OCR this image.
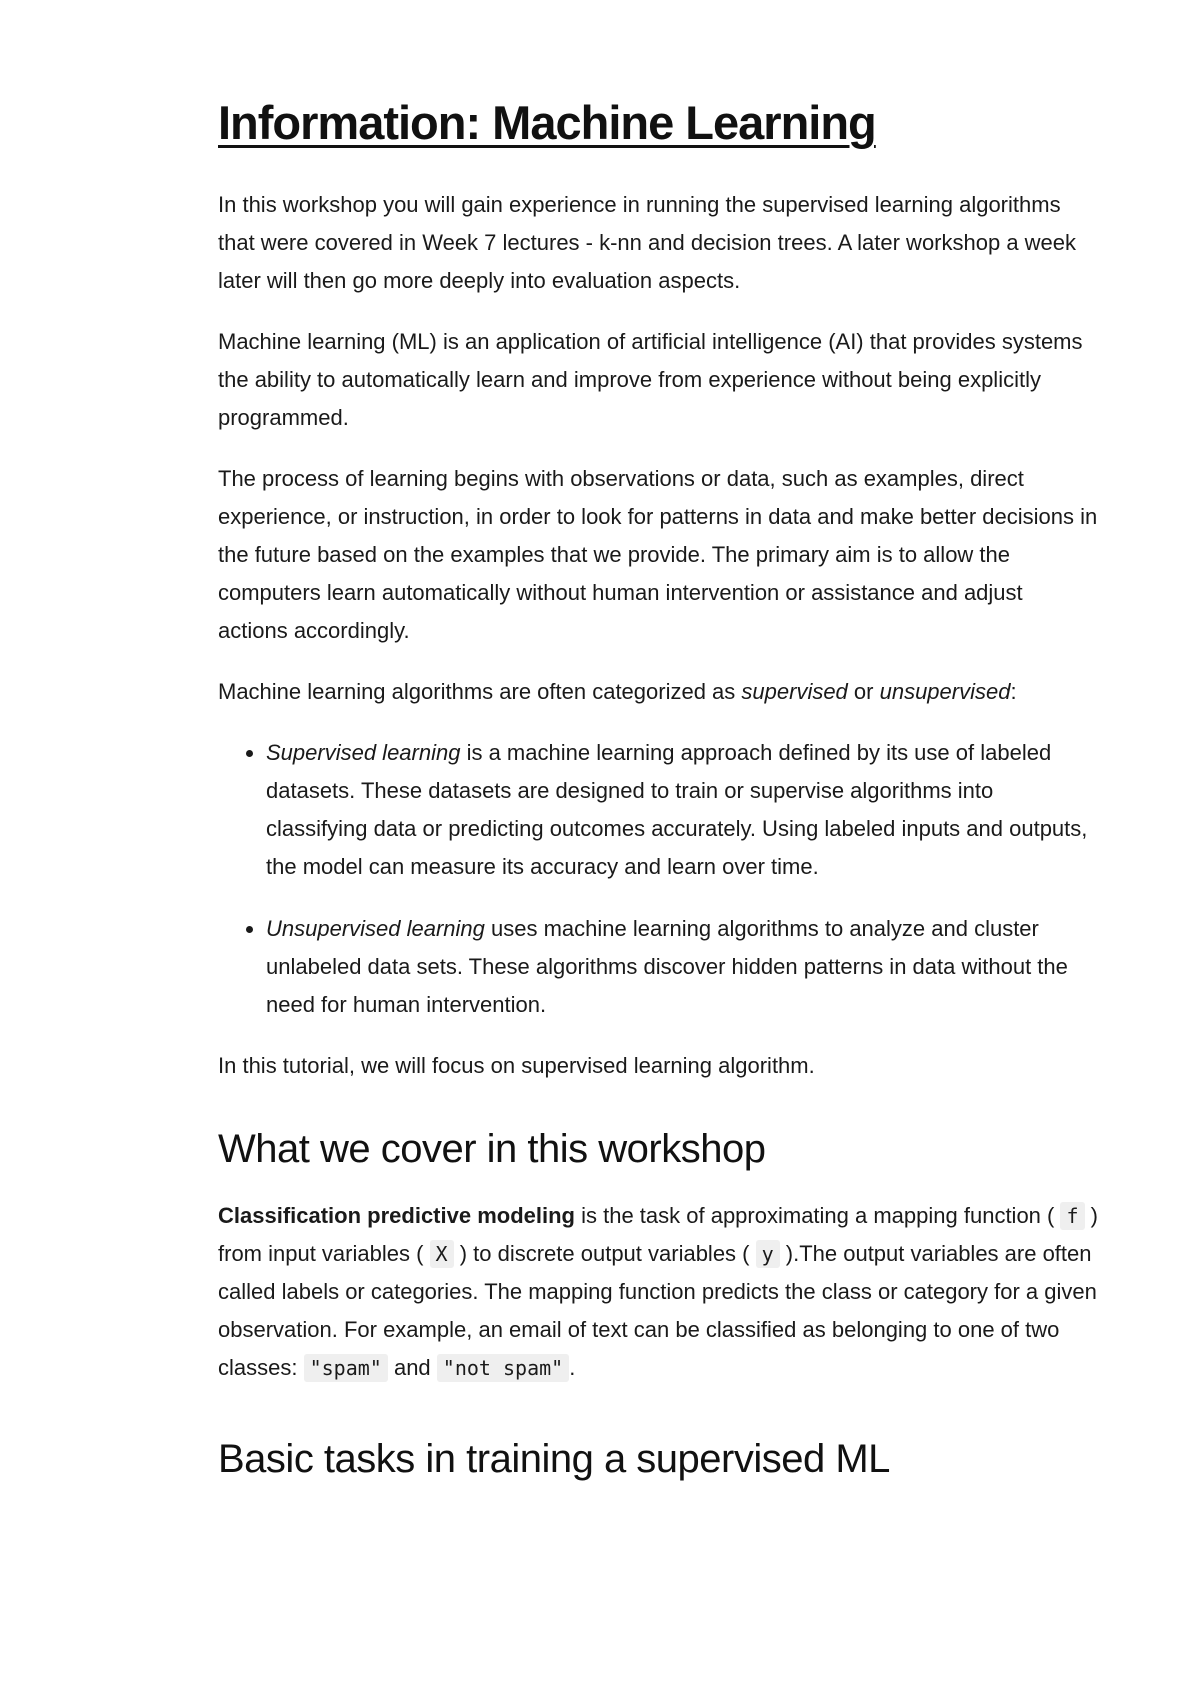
Information: Machine Learning

In this workshop you will gain experience in running the supervised learning algorithms that were covered in Week 7 lectures - k-nn and decision trees. A later workshop a week later will then go more deeply into evaluation aspects.

Machine learning (ML) is an application of artificial intelligence (AI) that provides systems the ability to automatically learn and improve from experience without being explicitly programmed.

The process of learning begins with observations or data, such as examples, direct experience, or instruction, in order to look for patterns in data and make better decisions in the future based on the examples that we provide. The primary aim is to allow the computers learn automatically without human intervention or assistance and adjust actions accordingly.

Machine learning algorithms are often categorized as supervised or unsupervised:

• Supervised learning is a machine learning approach defined by its use of labeled datasets. These datasets are designed to train or supervise algorithms into classifying data or predicting outcomes accurately. Using labeled inputs and outputs, the model can measure its accuracy and learn over time.
• Unsupervised learning uses machine learning algorithms to analyze and cluster unlabeled data sets. These algorithms discover hidden patterns in data without the need for human intervention.

In this tutorial, we will focus on supervised learning algorithm.

What we cover in this workshop

Classification predictive modeling is the task of approximating a mapping function ( f ) from input variables ( X ) to discrete output variables ( y ).The output variables are often called labels or categories. The mapping function predicts the class or category for a given observation. For example, an email of text can be classified as belonging to one of two classes: "spam" and "not spam" .

Basic tasks in training a supervised ML
